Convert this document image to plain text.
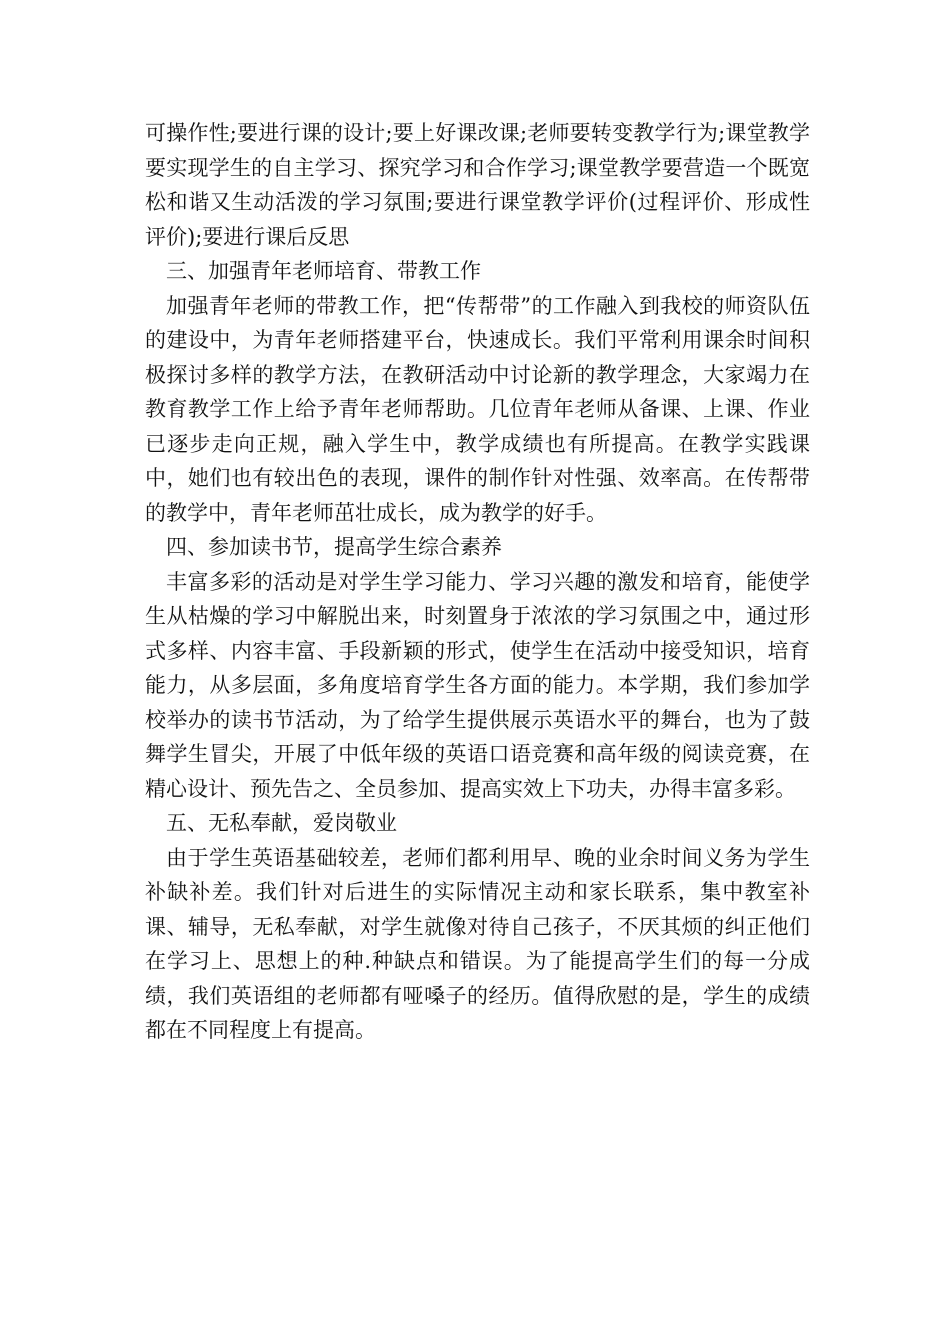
可操作性;要进行课的设计;要上好课改课;老师要转变教学行为;课堂教学要实现学生的自主学习、探究学习和合作学习;课堂教学要营造一个既宽松和谐又生动活泼的学习氛围;要进行课堂教学评价(过程评价、形成性评价);要进行课后反思

三、加强青年老师培育、带教工作

加强青年老师的带教工作，把“传帮带”的工作融入到我校的师资队伍的建设中，为青年老师搭建平台，快速成长。我们平常利用课余时间积极探讨多样的教学方法，在教研活动中讨论新的教学理念，大家竭力在教育教学工作上给予青年老师帮助。几位青年老师从备课、上课、作业已逐步走向正规，融入学生中，教学成绩也有所提高。在教学实践课中，她们也有较出色的表现，课件的制作针对性强、效率高。在传帮带的教学中，青年老师茁壮成长，成为教学的好手。

四、参加读书节，提高学生综合素养

丰富多彩的活动是对学生学习能力、学习兴趣的激发和培育，能使学生从枯燥的学习中解脱出来，时刻置身于浓浓的学习氛围之中，通过形式多样、内容丰富、手段新颖的形式，使学生在活动中接受知识，培育能力，从多层面，多角度培育学生各方面的能力。本学期，我们参加学校举办的读书节活动，为了给学生提供展示英语水平的舞台，也为了鼓舞学生冒尖，开展了中低年级的英语口语竞赛和高年级的阅读竞赛，在精心设计、预先告之、全员参加、提高实效上下功夫，办得丰富多彩。

五、无私奉献，爱岗敬业

由于学生英语基础较差，老师们都利用早、晚的业余时间义务为学生补缺补差。我们针对后进生的实际情况主动和家长联系，集中教室补课、辅导，无私奉献，对学生就像对待自己孩子，不厌其烦的纠正他们在学习上、思想上的种.种缺点和错误。为了能提高学生们的每一分成绩，我们英语组的老师都有哑嗓子的经历。值得欣慰的是，学生的成绩都在不同程度上有提高。
